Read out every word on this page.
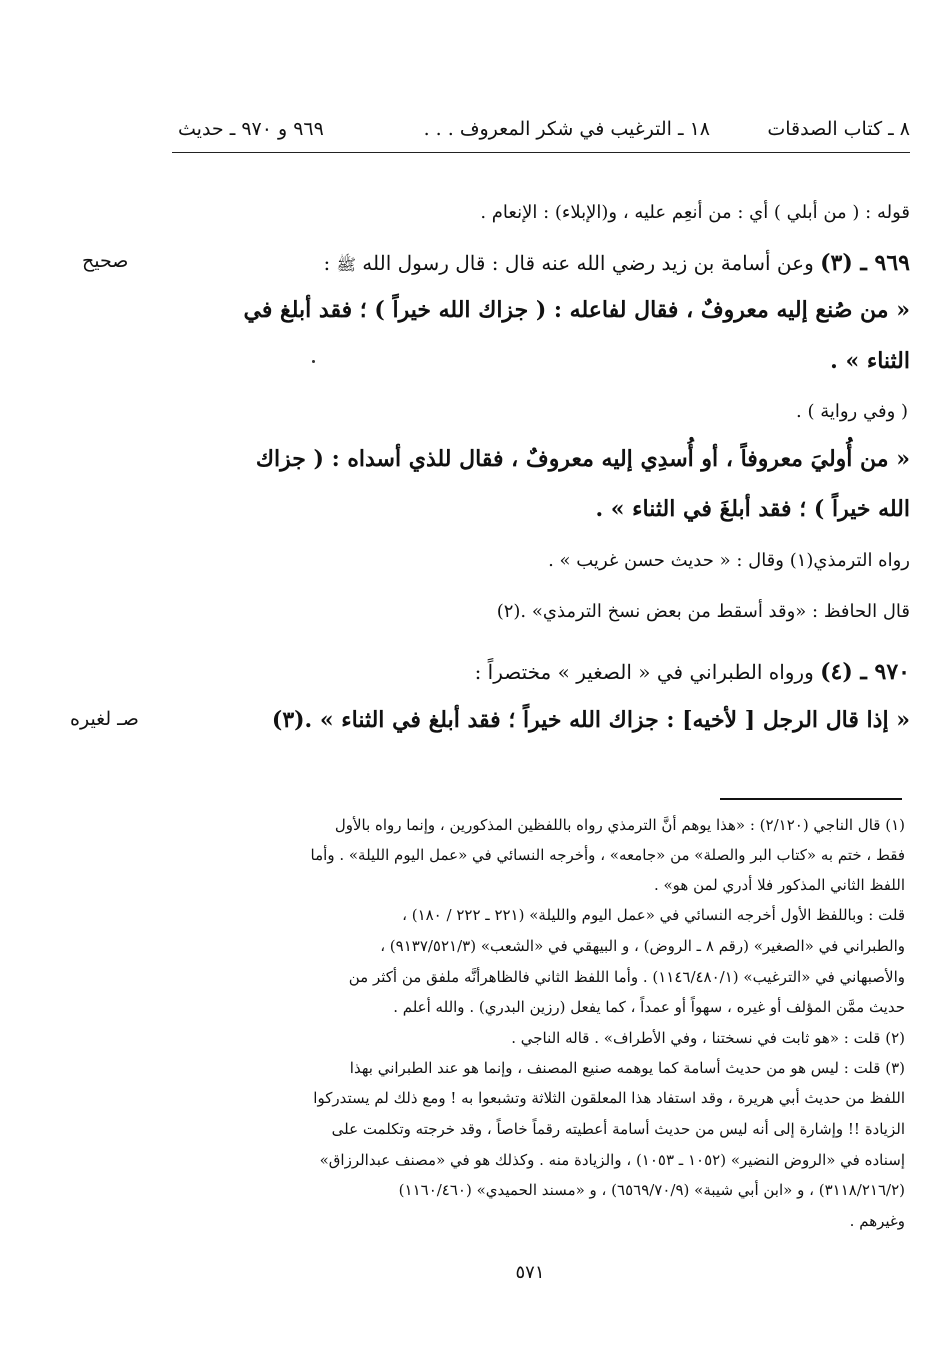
٨ ـ كتاب الصدقات
١٨ ـ الترغيب في شكر المعروف . . .
٩٦٩ و ٩٧٠ ـ حديث
قوله : ( من أبلي ) أي : من أنعِم عليه ، و(الإبلاء) : الإنعام .
٩٦٩ ـ (٣) وعن أسامة بن زيد رضي الله عنه قال : قال رسول الله ﷺ :
« من صُنع إليه معروفٌ ، فقال لفاعله : ( جزاك الله خيراً ) ؛ فقد أبلغ في
الثناء » .
( وفي رواية ) .
« من أُوليَ معروفاً ، أو أُسدِي إليه معروفٌ ، فقال للذي أسداه : ( جزاك
الله خيراً ) ؛ فقد أبلغَ في الثناء » .
رواه الترمذي(١) وقال : « حديث حسن غريب » .
قال الحافظ : «وقد أسقط من بعض نسخ الترمذي» .(٢)
٩٧٠ ـ (٤) ورواه الطبراني في « الصغير » مختصراً :
« إذا قال الرجل [ لأخيه] : جزاك الله خيراً ؛ فقد أبلغ في الثناء » .(٣)
صحيح
صـ لغيره
(١) قال الناجي (٢/١٢٠) : «هذا يوهم أنَّ الترمذي رواه باللفظين المذكورين ، وإنما رواه بالأول
فقط ، ختم به «كتاب البر والصلة» من «جامعه» ، وأخرجه النسائي في «عمل اليوم الليلة» . وأما
اللفظ الثاني المذكور فلا أدري لمن هو» .
قلت : وباللفظ الأول أخرجه النسائي في «عمل اليوم والليلة» (٢٢١ ـ ٢٢٢ / ١٨٠) ،
والطبراني في «الصغير» (رقم ٨ ـ الروض) ، و البيهقي في «الشعب» (٩١٣٧/٥٢١/٣) ،
والأصبهاني في «الترغيب» (١١٤٦/٤٨٠/١) . وأما اللفظ الثاني فالظاهرأنَّه ملفق من أكثر من
حديث ممَّن المؤلف أو غيره ، سهواً أو عمداً ، كما يفعل (رزين البدري) . والله أعلم .
(٢) قلت : «هو ثابت في نسختنا ، وفي الأطراف» . قاله الناجي .
(٣) قلت : ليس هو من حديث أسامة كما يوهمه صنيع المصنف ، وإنما هو عند الطبراني بهذا
اللفظ من حديث أبي هريرة ، وقد استفاد هذا المعلقون الثلاثة وتشبعوا به ! ومع ذلك لم يستدركوا
الزيادة !! وإشارة إلى أنه ليس من حديث أسامة أعطيته رقماً خاصاً ، وقد خرجته وتكلمت على
إسناده في «الروض النضير» (١٠٥٢ ـ ١٠٥٣) ، والزيادة منه . وكذلك هو في «مصنف عبدالرزاق»
(٣١١٨/٢١٦/٢) ، و «ابن أبي شيبة» (٦٥٦٩/٧٠/٩) ، و «مسند الحميدي» (١١٦٠/٤٦٠)
وغيرهم .
٥٧١
